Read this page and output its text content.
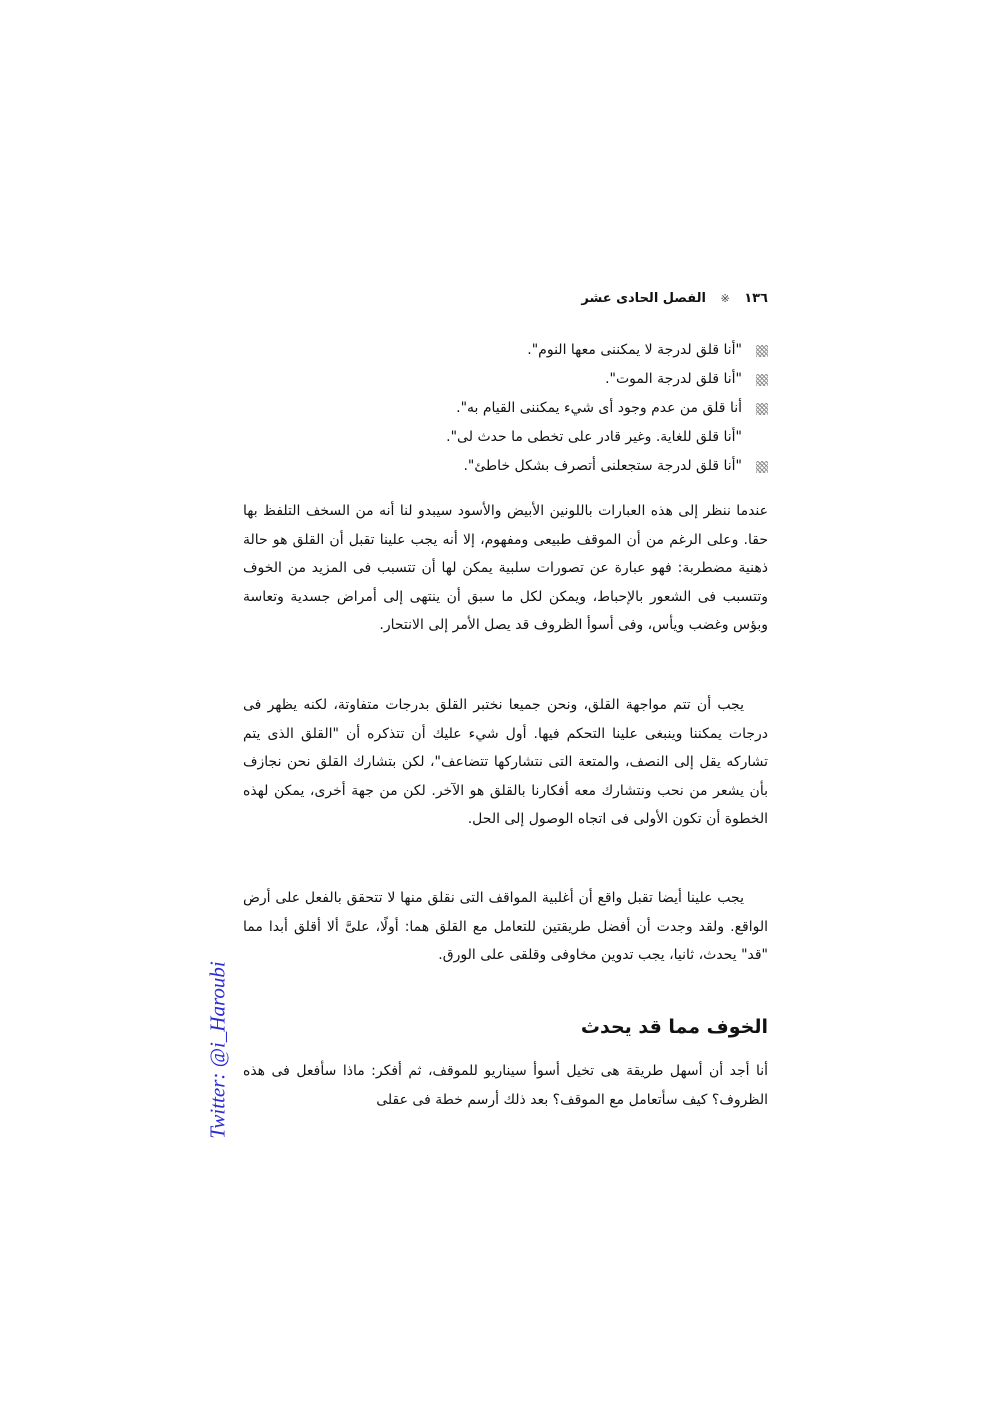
١٣٦ ※ الفصل الحادى عشر
"أنا قلق لدرجة لا يمكننى معها النوم".
"أنا قلق لدرجة الموت".
أنا قلق من عدم وجود أى شيء يمكننى القيام به".
"أنا قلق للغاية. وغير قادر على تخطى ما حدث لى".
"أنا قلق لدرجة ستجعلنى أتصرف بشكل خاطئ".

عندما ننظر إلى هذه العبارات باللونين الأبيض والأسود سيبدو لنا أنه من السخف التلفظ بها حقا. وعلى الرغم من أن الموقف طبيعى ومفهوم، إلا أنه يجب علينا تقبل أن القلق هو حالة ذهنية مضطربة: فهو عبارة عن تصورات سلبية يمكن لها أن تتسبب فى المزيد من الخوف وتتسبب فى الشعور بالإحباط، ويمكن لكل ما سبق أن ينتهى إلى أمراض جسدية وتعاسة وبؤس وغضب ويأس، وفى أسوأ الظروف قد يصل الأمر إلى الانتحار.

يجب أن تتم مواجهة القلق، ونحن جميعا نختبر القلق بدرجات متفاوتة، لكنه يظهر فى درجات يمكننا وينبغى علينا التحكم فيها. أول شيء عليك أن تتذكره أن "القلق الذى يتم تشاركه يقل إلى النصف، والمتعة التى نتشاركها تتضاعف"، لكن بتشارك القلق نحن نجازف بأن يشعر من نحب ونتشارك معه أفكارنا بالقلق هو الآخر. لكن من جهة أخرى، يمكن لهذه الخطوة أن تكون الأولى فى اتجاه الوصول إلى الحل.

يجب علينا أيضا تقبل واقع أن أغلبية المواقف التى نقلق منها لا تتحقق بالفعل على أرض الواقع. ولقد وجدت أن أفضل طريقتين للتعامل مع القلق هما: أولًا، علىَّ ألا أقلق أبدا مما "قد" يحدث، ثانيا، يجب تدوين مخاوفى وقلقى على الورق.

الخوف مما قد يحدث

أنا أجد أن أسهل طريقة هى تخيل أسوأ سيناريو للموقف، ثم أفكر: ماذا سأفعل فى هذه الظروف؟ كيف سأتعامل مع الموقف؟ بعد ذلك أرسم خطة فى عقلى

Twitter: @i_Haroubi
